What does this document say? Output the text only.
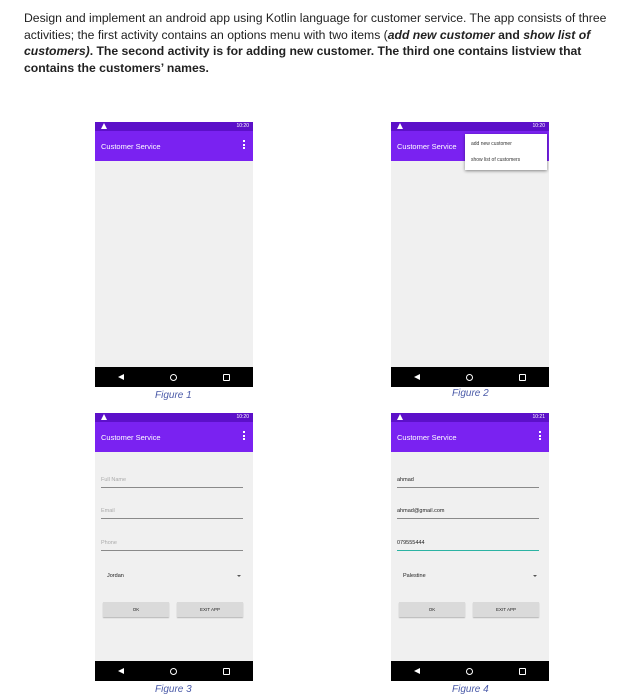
Design and implement an android app using Kotlin language for customer service. The app consists of three activities; the first activity contains an options menu with two items (add new customer and show list of customers). The second activity is for adding new customer. The third one contains listview that contains the customers’ names.
10:20
Customer Service
Figure 1
10:20
Customer Service	add new customer
show list of customers
Figure 2
10:20
Customer Service
Full Name
Email
Phone
Jordan
OK	EXIT APP
Figure 3
10:21
Customer Service
ahmad
ahmad@gmail.com
079555444
Palestine
OK	EXIT APP
Figure 4
